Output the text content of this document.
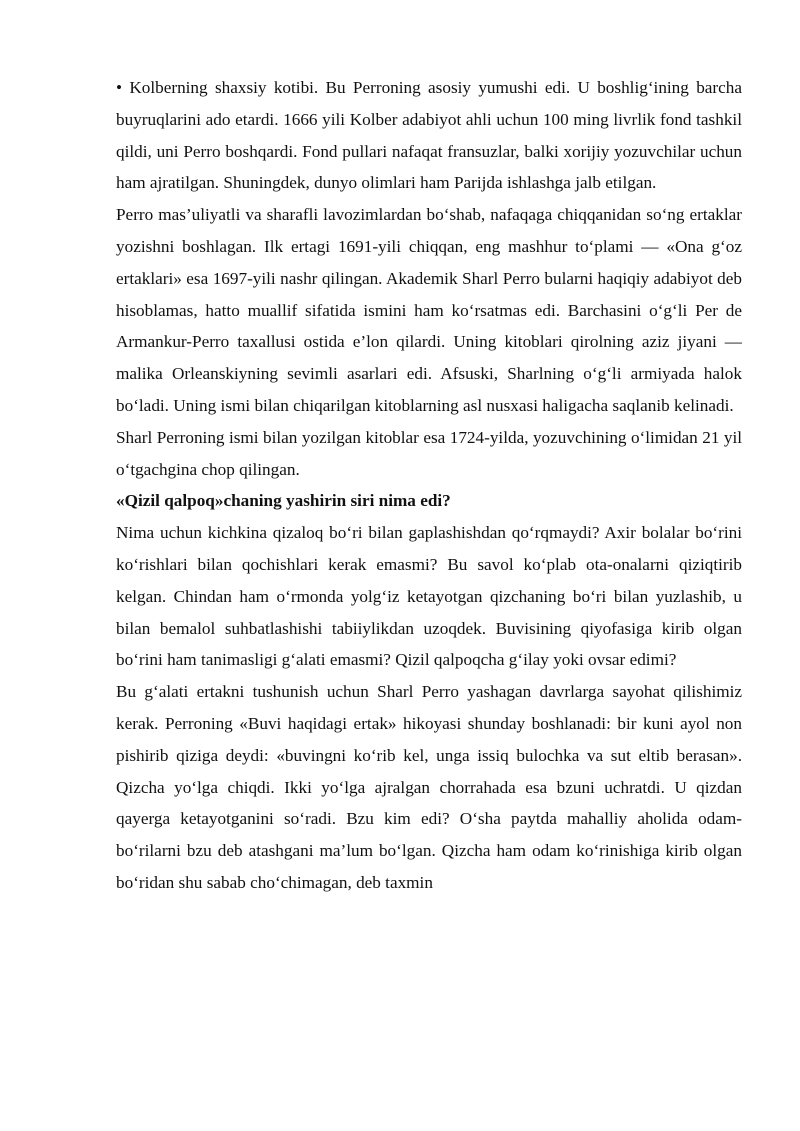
• Kolberning shaxsiy kotibi. Bu Perroning asosiy yumushi edi. U boshlig‘ining barcha buyruqlarini ado etardi. 1666 yili Kolber adabiyot ahli uchun 100 ming livrlik fond tashkil qildi, uni Perro boshqardi. Fond pullari nafaqat fransuzlar, balki xorijiy yozuvchilar uchun ham ajratilgan. Shuningdek, dunyo olimlari ham Parijda ishlashga jalb etilgan.

Perro mas’uliyatli va sharafli lavozimlardan bo‘shab, nafaqaga chiqqanidan so‘ng ertaklar yozishni boshlagan. Ilk ertagi 1691-yili chiqqan, eng mashhur to‘plami — «Ona g‘oz ertaklari» esa 1697-yili nashr qilingan. Akademik Sharl Perro bularni haqiqiy adabiyot deb hisoblamas, hatto muallif sifatida ismini ham ko‘rsatmas edi. Barchasini o‘g‘li Per de Armankur-Perro taxallusi ostida e’lon qilardi. Uning kitoblari qirolning aziz jiyani — malika Orleanskiyning sevimli asarlari edi. Afsuski, Sharlning o‘g‘li armiyada halok bo‘ladi. Uning ismi bilan chiqarilgan kitoblarning asl nusxasi haligacha saqlanib kelinadi.

Sharl Perroning ismi bilan yozilgan kitoblar esa 1724-yilda, yozuvchining o‘limidan 21 yil o‘tgachgina chop qilingan.

«Qizil qalpoq»chaning yashirin siri nima edi?

Nima uchun kichkina qizaloq bo‘ri bilan gaplashishdan qo‘rqmaydi? Axir bolalar bo‘rini ko‘rishlari bilan qochishlari kerak emasmi? Bu savol ko‘plab ota-onalarni qiziqtirib kelgan. Chindan ham o‘rmonda yolg‘iz ketayotgan qizchaning bo‘ri bilan yuzlashib, u bilan bemalol suhbatlashishi tabiiylikdan uzoqdek. Buvisining qiyofasiga kirib olgan bo‘rini ham tanimasligi g‘alati emasmi? Qizil qalpoqcha g‘ilay yoki ovsar edimi?

Bu g‘alati ertakni tushunish uchun Sharl Perro yashagan davrlarga sayohat qilishimiz kerak. Perroning «Buvi haqidagi ertak» hikoyasi shunday boshlanadi: bir kuni ayol non pishirib qiziga deydi: «buvingni ko‘rib kel, unga issiq bulochka va sut eltib berasan». Qizcha yo‘lga chiqdi. Ikki yo‘lga ajralgan chorrahada esa bzuni uchratdi. U qizdan qayerga ketayotganini so‘radi. Bzu kim edi? O‘sha paytda mahalliy aholida odam-bo‘rilarni bzu deb atashgani ma’lum bo‘lgan. Qizcha ham odam ko‘rinishiga kirib olgan bo‘ridan shu sabab cho‘chimagan, deb taxmin
